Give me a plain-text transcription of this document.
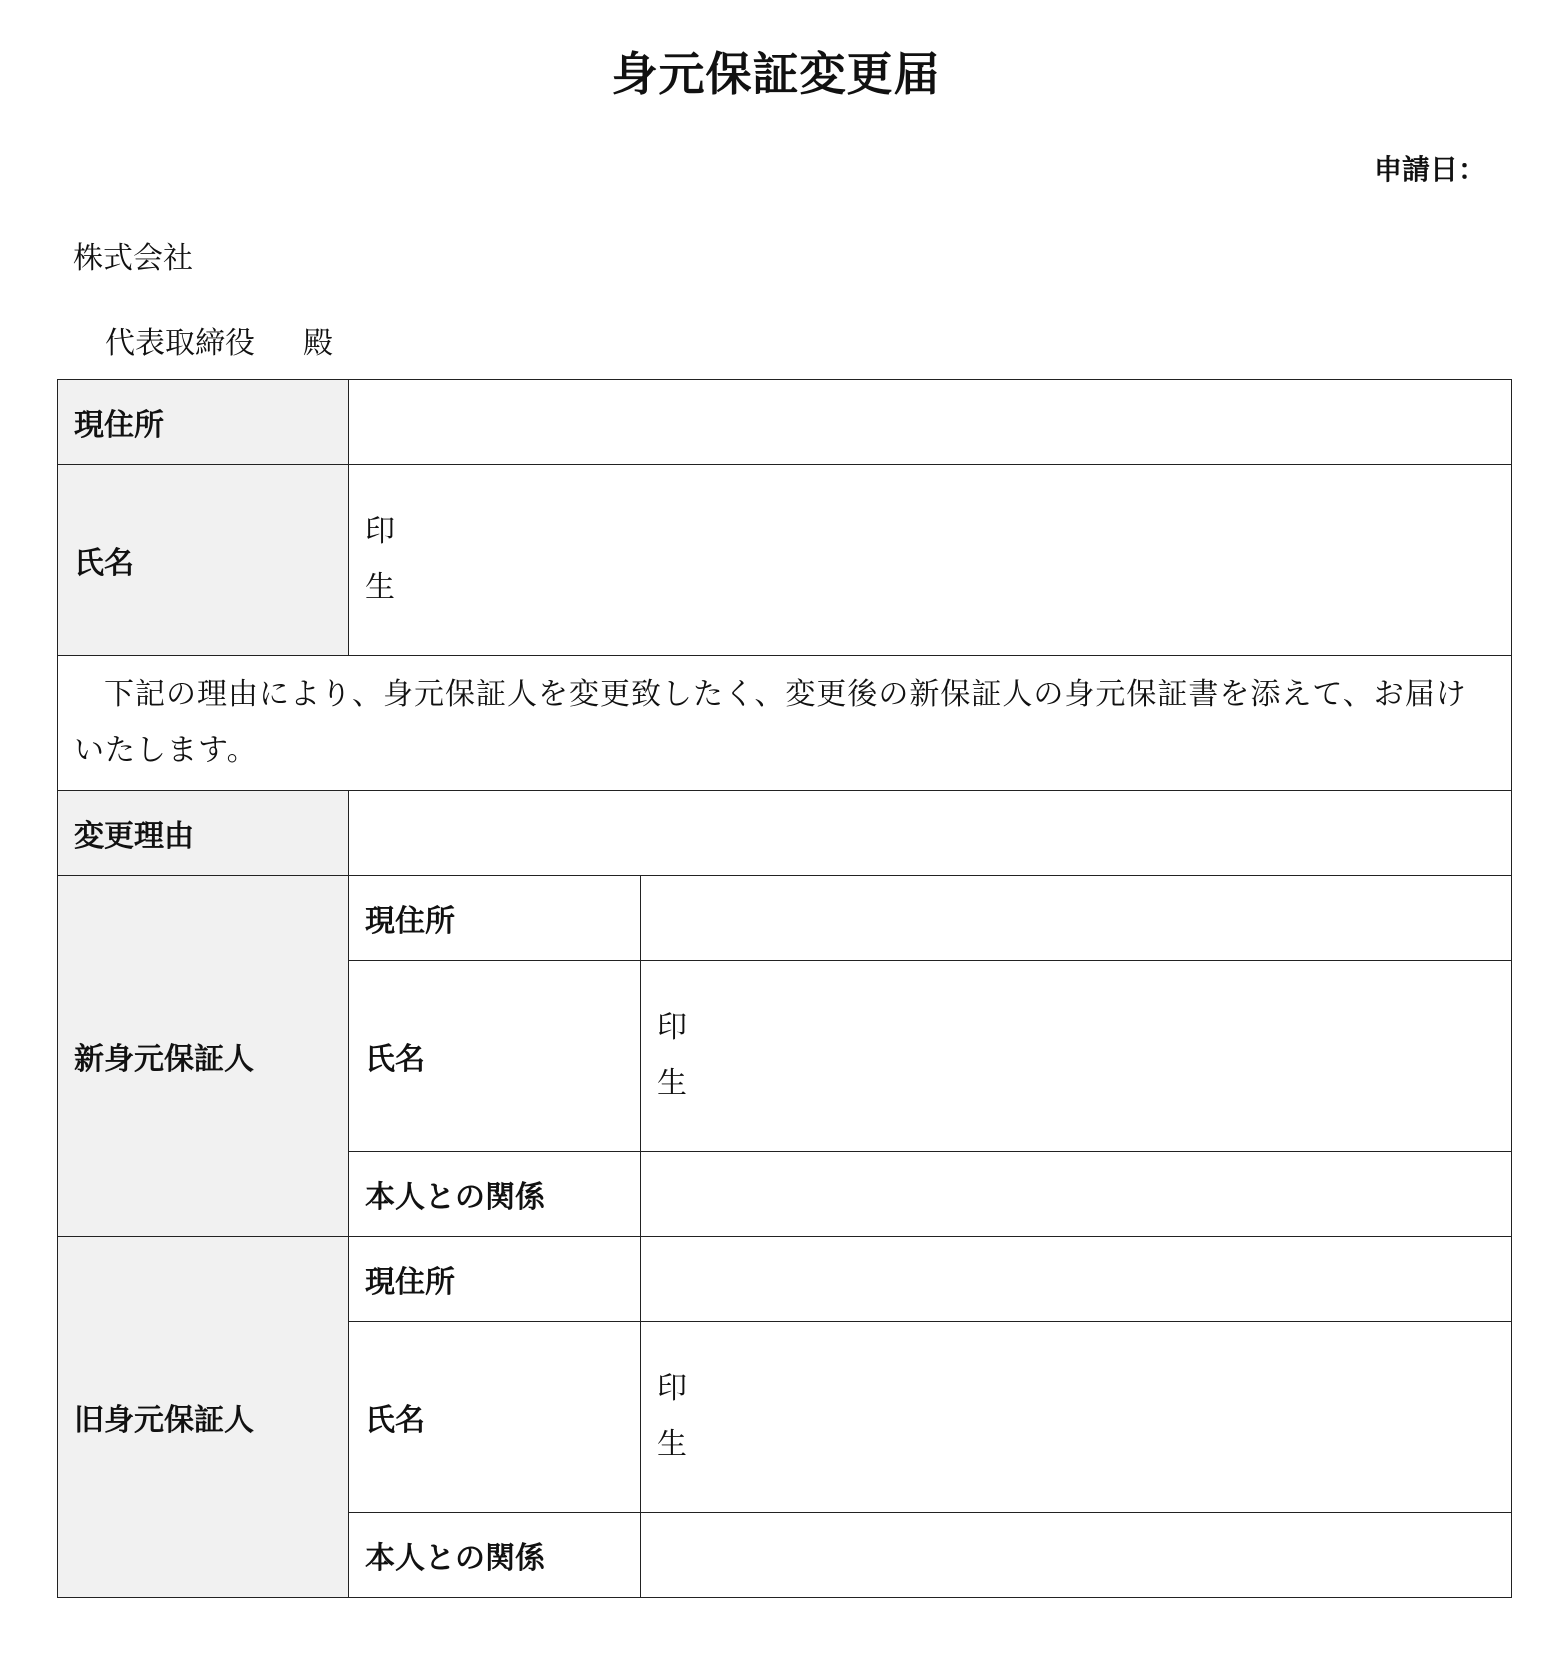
身元保証変更届
申請日：
株式会社
代表取締役 殿
現住所		
氏名	印
生	

下記の理由により、身元保証人を変更致したく、変更後の新保証人の身元保証書を添えて、お届けいたします。		
変更理由		
新身元保証人	現住所	
	氏名	印
生

	本人との関係	
旧身元保証人	現住所	
	氏名	印
生

	本人との関係	
